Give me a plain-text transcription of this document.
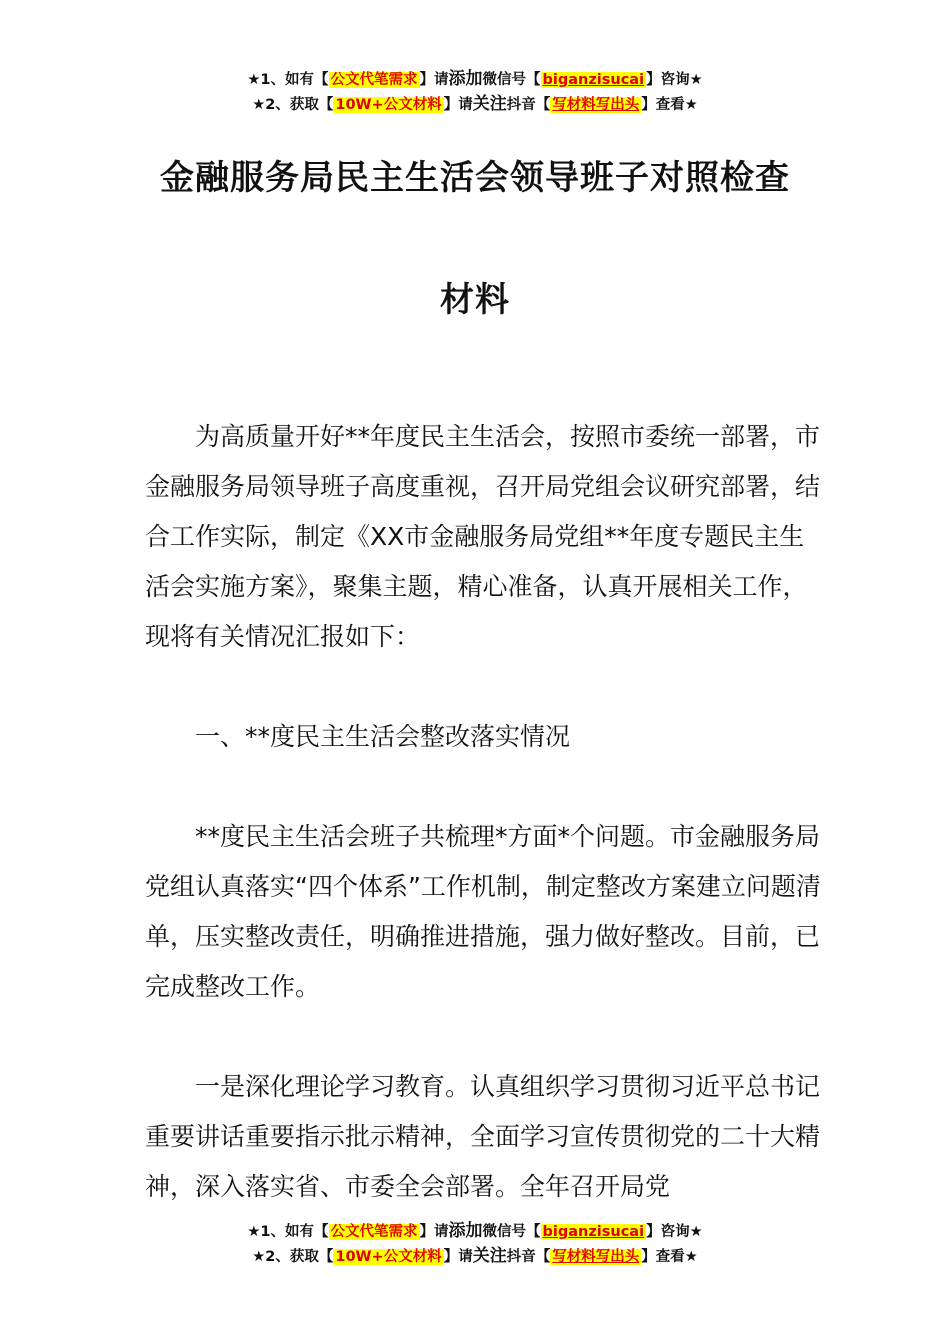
★1、如有【 公文代笔需求 】请添加微信号【 biganzisucai 】咨询★
★2、获取【 10W+公文材料 】请关注抖音【 写材料写出头 】查看★
金融服务局民主生活会领导班子对照检查
材料

为高质量开好**年度民主生活会，按照市委统一部署，市金融服务局领导班子高度重视，召开局党组会议研究部署，结合工作实际，制定《XX市金融服务局党组**年度专题民主生活会实施方案》，聚集主题，精心准备，认真开展相关工作，现将有关情况汇报如下：

一、**度民主生活会整改落实情况

**度民主生活会班子共梳理*方面*个问题。市金融服务局党组认真落实“四个体系”工作机制，制定整改方案建立问题清单，压实整改责任，明确推进措施，强力做好整改。目前，已完成整改工作。

一是深化理论学习教育。认真组织学习贯彻习近平总书记重要讲话重要指示批示精神，全面学习宣传贯彻党的二十大精神，深入落实省、市委全会部署。全年召开局党

★1、如有【 公文代笔需求 】请添加微信号【 biganzisucai 】咨询★
★2、获取【 10W+公文材料 】请关注抖音【 写材料写出头 】查看★
